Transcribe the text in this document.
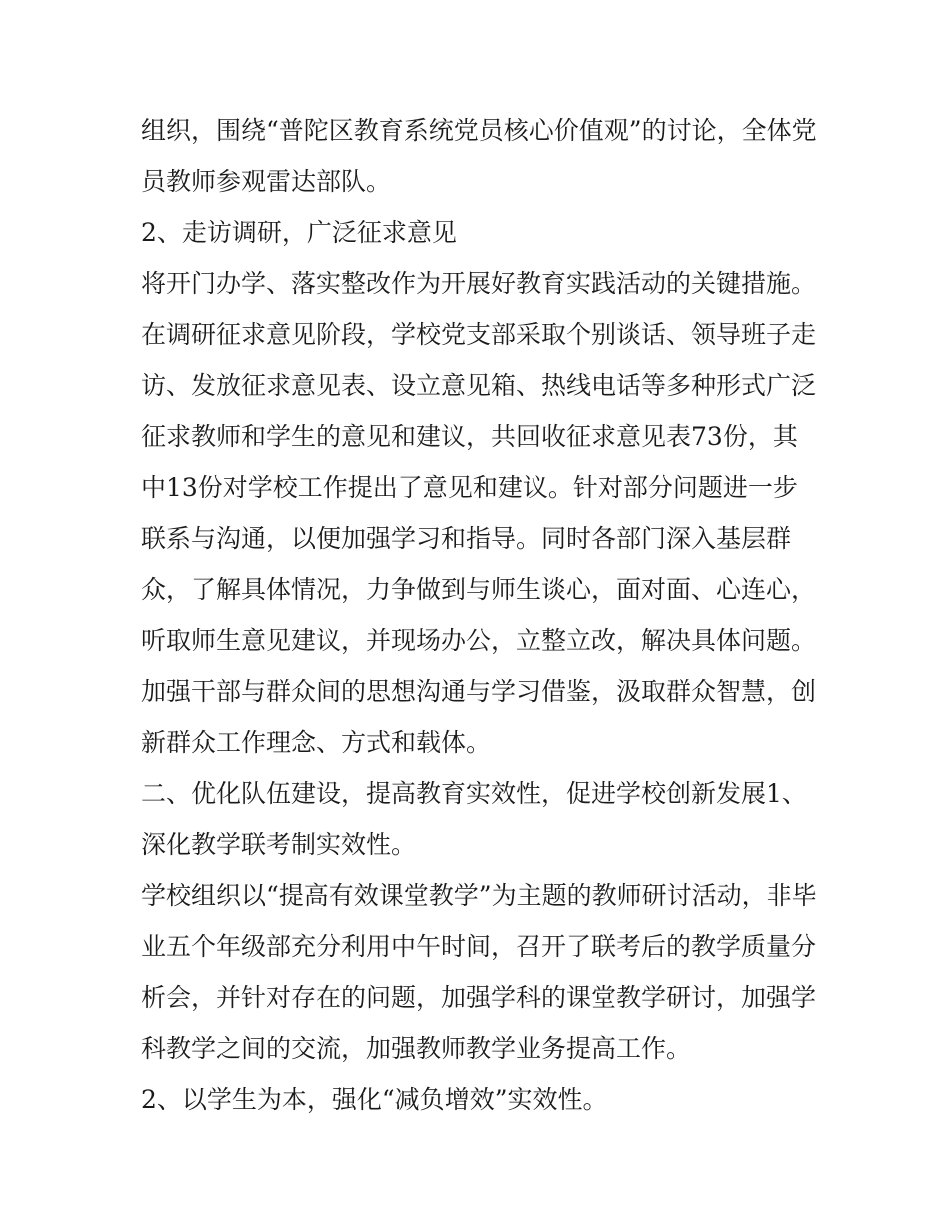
组织，围绕“普陀区教育系统党员核心价值观”的讨论，全体党
员教师参观雷达部队。
2、走访调研，广泛征求意见
将开门办学、落实整改作为开展好教育实践活动的关键措施。
在调研征求意见阶段，学校党支部采取个别谈话、领导班子走
访、发放征求意见表、设立意见箱、热线电话等多种形式广泛
征求教师和学生的意见和建议，共回收征求意见表73份，其
中13份对学校工作提出了意见和建议。针对部分问题进一步
联系与沟通，以便加强学习和指导。同时各部门深入基层群
众，了解具体情况，力争做到与师生谈心，面对面、心连心，
听取师生意见建议，并现场办公，立整立改，解决具体问题。
加强干部与群众间的思想沟通与学习借鉴，汲取群众智慧，创
新群众工作理念、方式和载体。
二、优化队伍建设，提高教育实效性，促进学校创新发展1、
深化教学联考制实效性。
学校组织以“提高有效课堂教学”为主题的教师研讨活动，非毕
业五个年级部充分利用中午时间，召开了联考后的教学质量分
析会，并针对存在的问题，加强学科的课堂教学研讨，加强学
科教学之间的交流，加强教师教学业务提高工作。
2、以学生为本，强化“减负增效”实效性。
